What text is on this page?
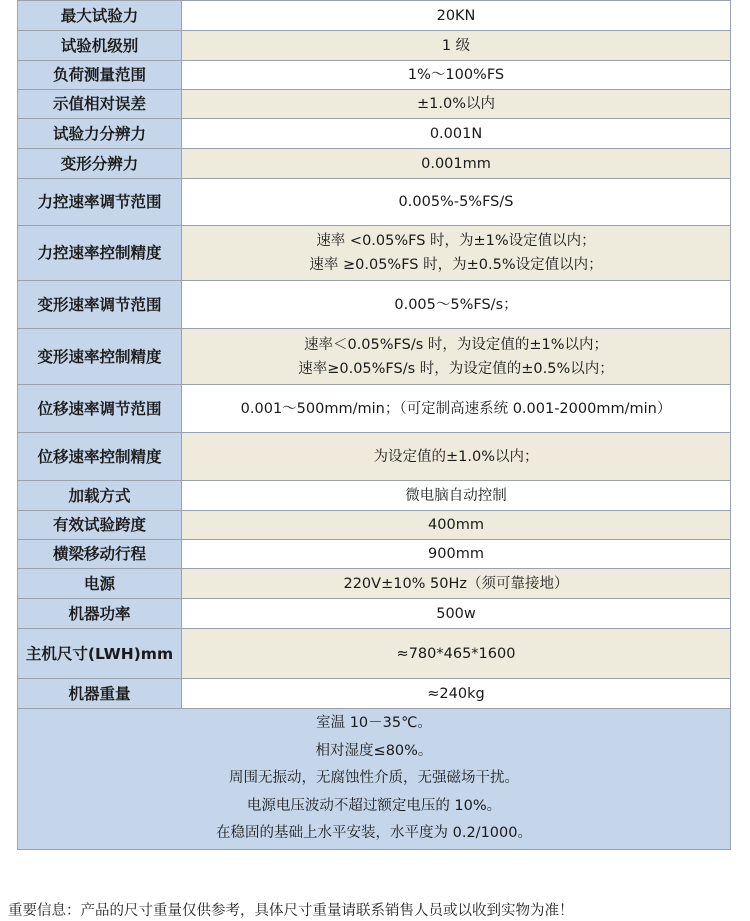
最大试验力	20KN
试验机级别	1 级
负荷测量范围	1%～100%FS
示值相对误差	±1.0%以内
试验力分辨力	0.001N
变形分辨力	0.001mm
力控速率调节范围	0.005%-5%FS/S
力控速率控制精度	速率 <0.05%FS 时，为±1%设定值以内；
速率 ≥0.05%FS 时，为±0.5%设定值以内；

变形速率调节范围	0.005～5%FS/s；
变形速率控制精度	速率＜0.05%FS/s 时，为设定值的±1%以内；
速率≥0.05%FS/s 时，为设定值的±0.5%以内；

位移速率调节范围	0.001～500mm/min；（可定制高速系统 0.001-2000mm/min）
位移速率控制精度	为设定值的±1.0%以内；
加载方式	微电脑自动控制
有效试验跨度	400mm
横梁移动行程	900mm
电源	220V±10% 50Hz（须可靠接地）
机器功率	500w
主机尺寸(LWH)mm	≈780*465*1600
机器重量	≈240kg

室温 10－35℃。
相对湿度≤80%。
周围无振动，无腐蚀性介质，无强磁场干扰。
电源电压波动不超过额定电压的 10%。
在稳固的基础上水平安装，水平度为 0.2/1000。	
重要信息：产品的尺寸重量仅供参考，具体尺寸重量请联系销售人员或以收到实物为准！
